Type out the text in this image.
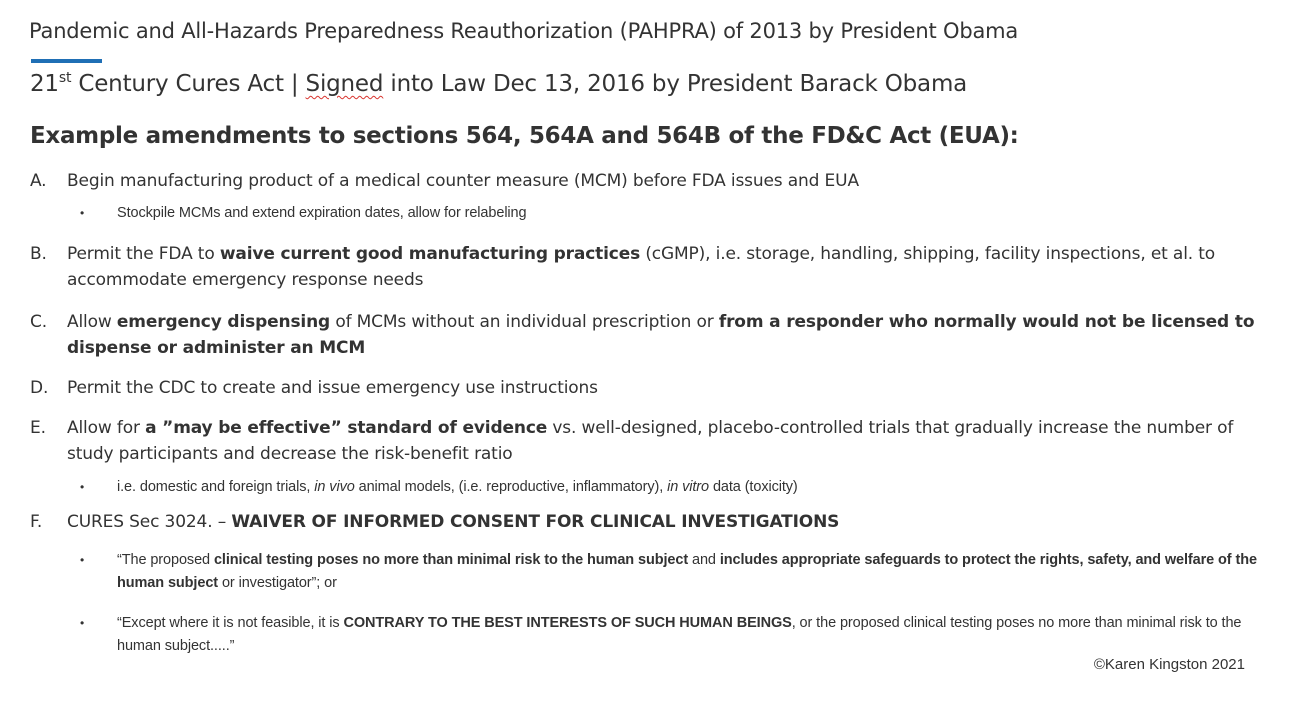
Pandemic and All-Hazards Preparedness Reauthorization (PAHPRA) of 2013 by President Obama
21st Century Cures Act | Signed into Law Dec 13, 2016 by President Barack Obama
Example amendments to sections 564, 564A and 564B of the FD&C Act (EUA):
A. Begin manufacturing product of a medical counter measure (MCM) before FDA issues and EUA
• Stockpile MCMs and extend expiration dates, allow for relabeling
B. Permit the FDA to waive current good manufacturing practices (cGMP), i.e. storage, handling, shipping, facility inspections, et al. to accommodate emergency response needs
C. Allow emergency dispensing of MCMs without an individual prescription or from a responder who normally would not be licensed to dispense or administer an MCM
D. Permit the CDC to create and issue emergency use instructions
E. Allow for a ”may be effective” standard of evidence vs. well-designed, placebo-controlled trials that gradually increase the number of study participants and decrease the risk-benefit ratio
• i.e. domestic and foreign trials, in vivo animal models, (i.e. reproductive, inflammatory), in vitro data (toxicity)
F. CURES Sec 3024. – WAIVER OF INFORMED CONSENT FOR CLINICAL INVESTIGATIONS
• “The proposed clinical testing poses no more than minimal risk to the human subject and includes appropriate safeguards to protect the rights, safety, and welfare of the human subject or investigator”; or
• “Except where it is not feasible, it is CONTRARY TO THE BEST INTERESTS OF SUCH HUMAN BEINGS, or the proposed clinical testing poses no more than minimal risk to the human subject.....”
©Karen Kingston 2021
